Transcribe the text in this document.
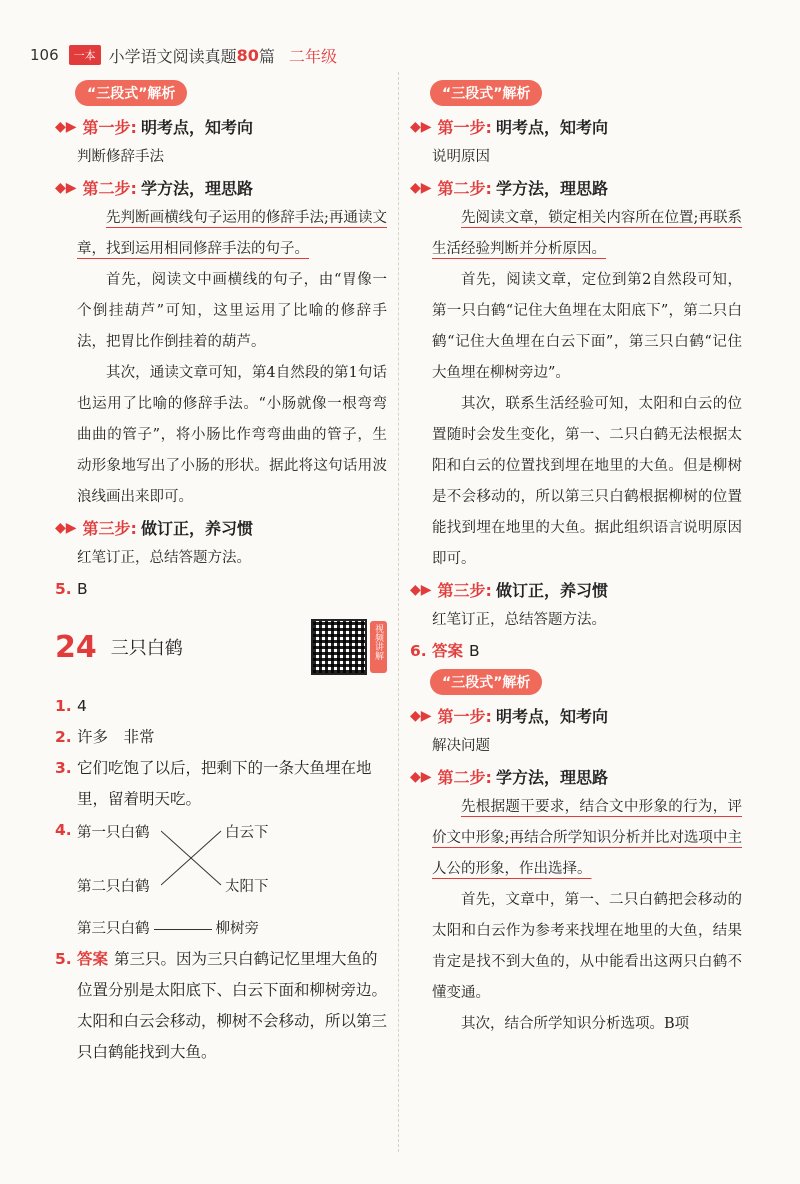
106	一本 小学语文阅读真题 80 篇 二年级
“三段式”解析
◆▶ 第一步: 明考点，知考向
判断修辞手法
◆▶ 第二步: 学方法，理思路

先判断画横线句子运用的修辞手法;再通读文章，找到运用相同修辞手法的句子。

首先，阅读文中画横线的句子，由“胃像一个倒挂葫芦”可知，这里运用了比喻的修辞手法，把胃比作倒挂着的葫芦。

其次，通读文章可知，第4自然段的第1句话也运用了比喻的修辞手法。“小肠就像一根弯弯曲曲的管子”，将小肠比作弯弯曲曲的管子，生动形象地写出了小肠的形状。据此将这句话用波浪线画出来即可。

◆▶ 第三步: 做订正，养习惯
红笔订正，总结答题方法。
5. B
24 三只白鹤	视频讲解
1. 4
2. 许多　非常
3. 它们吃饱了以后，把剩下的一条大鱼埋在地里，留着明天吃。
4. 第一只白鹤
第二只白鹤
白云下
太阳下
第三只白鹤	柳树旁
5. 答案 第三只。因为三只白鹤记忆里埋大鱼的位置分别是太阳底下、白云下面和柳树旁边。太阳和白云会移动，柳树不会移动，所以第三只白鹤能找到大鱼。
“三段式”解析
◆▶ 第一步: 明考点，知考向
说明原因
◆▶ 第二步: 学方法，理思路

先阅读文章，锁定相关内容所在位置;再联系生活经验判断并分析原因。

首先，阅读文章，定位到第2自然段可知，第一只白鹤“记住大鱼埋在太阳底下”，第二只白鹤“记住大鱼埋在白云下面”，第三只白鹤“记住大鱼埋在柳树旁边”。

其次，联系生活经验可知，太阳和白云的位置随时会发生变化，第一、二只白鹤无法根据太阳和白云的位置找到埋在地里的大鱼。但是柳树是不会移动的，所以第三只白鹤根据柳树的位置能找到埋在地里的大鱼。据此组织语言说明原因即可。

◆▶ 第三步: 做订正，养习惯
红笔订正，总结答题方法。
6. 答案 B
“三段式”解析
◆▶ 第一步: 明考点，知考向
解决问题
◆▶ 第二步: 学方法，理思路

先根据题干要求，结合文中形象的行为，评价文中形象;再结合所学知识分析并比对选项中主人公的形象，作出选择。

首先，文章中，第一、二只白鹤把会移动的太阳和白云作为参考来找埋在地里的大鱼，结果肯定是找不到大鱼的，从中能看出这两只白鹤不懂变通。

其次，结合所学知识分析选项。B项
